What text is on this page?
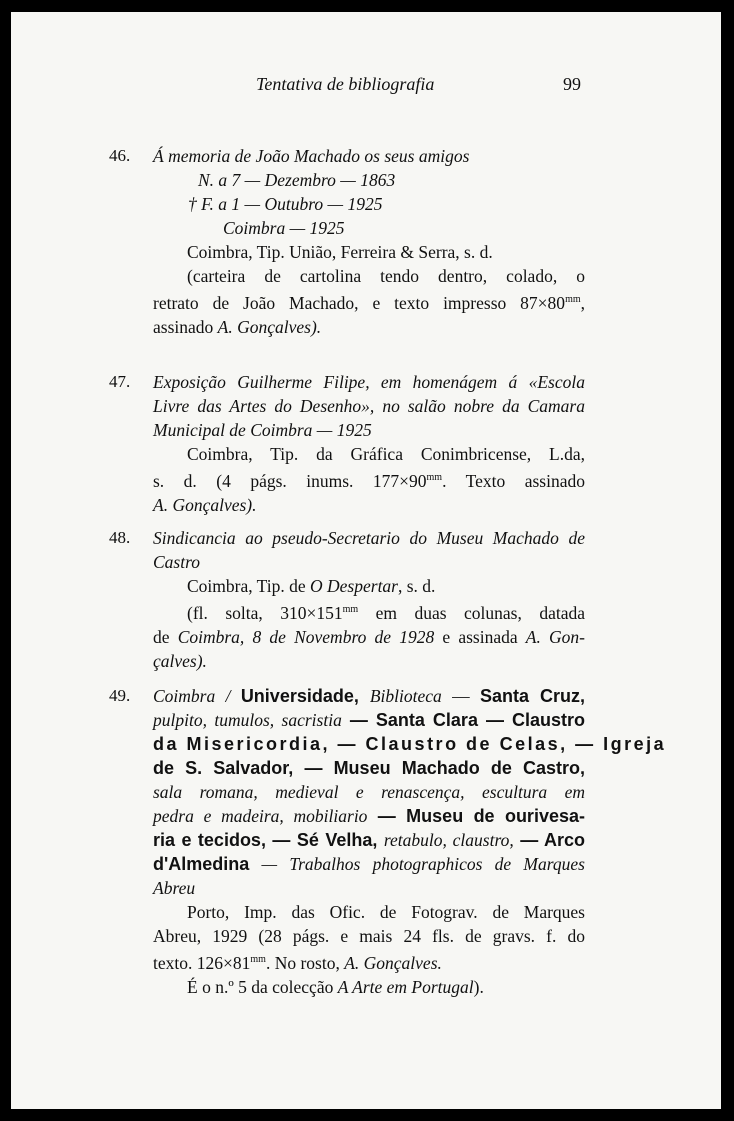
Tentativa de bibliografia	99
46. Á memoria de João Machado os seus amigos
N. a 7 — Dezembro — 1863
† F. a 1 — Outubro — 1925
Coimbra — 1925
Coimbra, Tip. União, Ferreira & Serra, s. d.
(carteira de cartolina tendo dentro, colado, o
retrato de João Machado, e texto impresso $87\times 80^{mm}$,
assinado A. Gonçalves).
47. Exposição Guilherme Filipe, em homenágem á «Escola
Livre das Artes do Desenho», no salão nobre da Camara
Municipal de Coimbra — 1925
Coimbra, Tip. da Gráfica Conimbricense, L.da,
s. d. (4 págs. inums. $177\times 90^{mm}$. Texto assinado
A. Gonçalves).
48. Sindicancia ao pseudo-Secretario do Museu Machado de
Castro
Coimbra, Tip. de O Despertar, s. d.
(fl. solta, $310\times 151^{mm}$ em duas colunas, datada
de Coimbra, 8 de Novembro de 1928 e assinada A. Gon-
çalves).
49. Coimbra / Universidade, Biblioteca — Santa Cruz,
pulpito, tumulos, sacristia — Santa Clara — Claustro
da Misericordia, — Claustro de Celas, — Igreja
de S. Salvador, — Museu Machado de Castro,
sala romana, medieval e renascença, escultura em
pedra e madeira, mobiliario — Museu de ourivesa-
ria e tecidos, — Sé Velha, retabulo, claustro, — Arco
d'Almedina — Trabalhos photographicos de Marques
Abreu
Porto, Imp. das Ofic. de Fotograv. de Marques
Abreu, 1929 (28 págs. e mais 24 fls. de gravs. f. do
texto. $126\times 81^{mm}$. No rosto, A. Gonçalves.
É o n.º 5 da colecção A Arte em Portugal).
